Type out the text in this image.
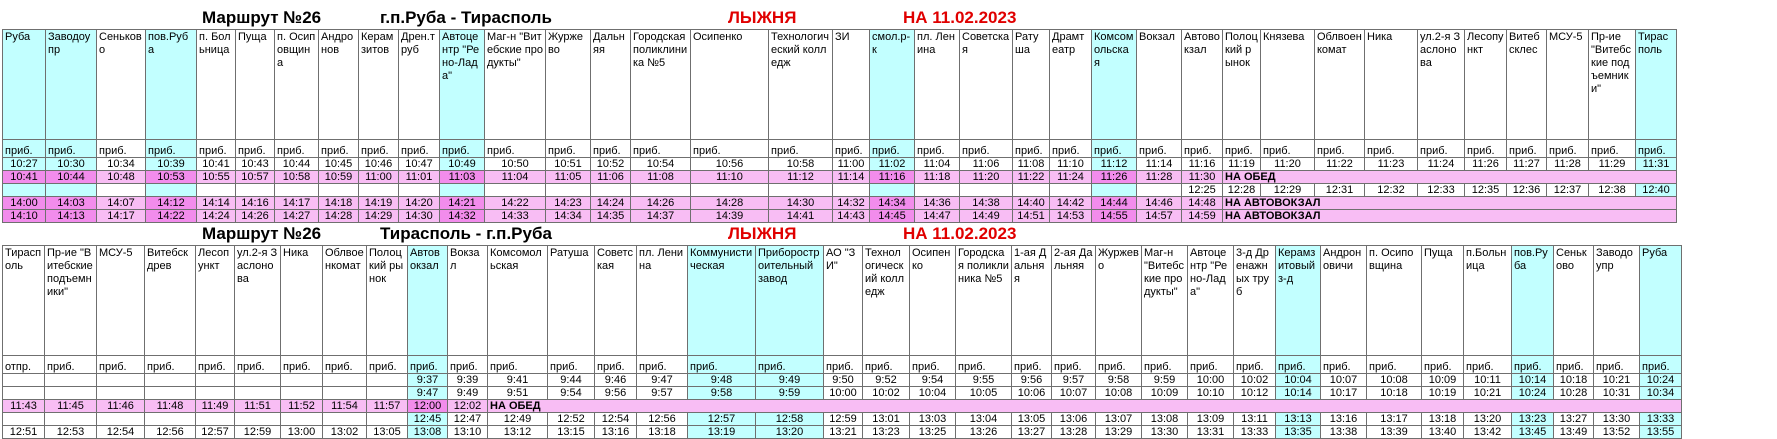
Маршрут №26	г.п.Руба - Тирасполь	ЛЫЖНЯ	НА 11.02.2023
Руба	Заводоупр	Сеньково	пов.Руба	п. Больница	Пуща	п. Осиповщина	Андронов	Керамзитов	Дрен.труб	Автоцентр "Рено-Лада"	Маг-н "Витебские продукты"	Журжево	Дальняя	Городская поликлиника №5	Осипенко	Технологический колледж	ЗИ	смол.р-к	пл. Ленина	Советская	Ратуша	Драмтеатр	Комсомольская	Вокзал	Автовокзал	Полоцкий рынок	Князева	Облвоенкомат	Ника	ул.2-я Заслонова	Лесопункт	Витебсклес	МСУ-5	Пр-ие "Витебские подъемники"	Тирасполь
приб.	приб.	приб.	приб.	приб.	приб.	приб.	приб.	приб.	приб.	приб.	приб.	приб.	приб.	приб.	приб.	приб.	приб.	приб.	приб.	приб.	приб.	приб.	приб.	приб.	приб.	приб.	приб.	приб.	приб.	приб.	приб.	приб.	приб.	приб.	приб.
10:27	10:30	10:34	10:39	10:41	10:43	10:44	10:45	10:46	10:47	10:49	10:50	10:51	10:52	10:54	10:56	10:58	11:00	11:02	11:04	11:06	11:08	11:10	11:12	11:14	11:16	11:19	11:20	11:22	11:23	11:24	11:26	11:27	11:28	11:29	11:31
10:41	10:44	10:48	10:53	10:55	10:57	10:58	10:59	11:00	11:01	11:03	11:04	11:05	11:06	11:08	11:10	11:12	11:14	11:16	11:18	11:20	11:22	11:24	11:26	11:28	11:30	НА ОБЕД									
																									12:25	12:28	12:29	12:31	12:32	12:33	12:35	12:36	12:37	12:38	12:40
14:00	14:03	14:07	14:12	14:14	14:16	14:17	14:18	14:19	14:20	14:21	14:22	14:23	14:24	14:26	14:28	14:30	14:32	14:34	14:36	14:38	14:40	14:42	14:44	14:46	14:48	НА АВТОВОКЗАЛ									
14:10	14:13	14:17	14:22	14:24	14:26	14:27	14:28	14:29	14:30	14:32	14:33	14:34	14:35	14:37	14:39	14:41	14:43	14:45	14:47	14:49	14:51	14:53	14:55	14:57	14:59	НА АВТОВОКЗАЛ									
Маршрут №26	Тирасполь - г.п.Руба	ЛЫЖНЯ	НА 11.02.2023
Тирасполь	Пр-ие "Витебские подъемники"	МСУ-5	Витебскдрев	Лесопункт	ул.2-я Заслонова	Ника	Облвоенкомат	Полоцкий рынок	Автовокзал	Вокзал	Комсомольская	Ратуша	Советская	пл. Ленина	Коммунистическая	Приборостроительный завод	АО "ЗИ"	Технологический колледж	Осипенко	Городская поликлиника №5	1-ая Дальняя	2-ая Дальняя	Журжево	Маг-н "Витебские продукты"	Автоцентр "Рено-Лада"	3-д Дренажных труб	Керамзитовый з-д	Андроновичи	п. Осиповщина	Пуща	п.Больница	пов.Руба	Сеньково	Заводоупр	Руба
отпр.	приб.	приб.	приб.	приб.	приб.	приб.	приб.	приб.	приб.	приб.	приб.	приб.	приб.	приб.	приб.	приб.	приб.	приб.	приб.	приб.	приб.	приб.	приб.	приб.	приб.	приб.	приб.	приб.	приб.	приб.	приб.	приб.	приб.	приб.	приб.
									9:37	9:39	9:41	9:44	9:46	9:47	9:48	9:49	9:50	9:52	9:54	9:55	9:56	9:57	9:58	9:59	10:00	10:02	10:04	10:07	10:08	10:09	10:11	10:14	10:18	10:21	10:24
									9:47	9:49	9:51	9:54	9:56	9:57	9:58	9:59	10:00	10:02	10:04	10:05	10:06	10:07	10:08	10:09	10:10	10:12	10:14	10:17	10:18	10:19	10:21	10:24	10:28	10:31	10:34
11:43	11:45	11:46	11:48	11:49	11:51	11:52	11:54	11:57	12:00	12:02	НА ОБЕД																								
									12:45	12:47	12:49	12:52	12:54	12:56	12:57	12:58	12:59	13:01	13:03	13:04	13:05	13:06	13:07	13:08	13:09	13:11	13:13	13:16	13:17	13:18	13:20	13:23	13:27	13:30	13:33
12:51	12:53	12:54	12:56	12:57	12:59	13:00	13:02	13:05	13:08	13:10	13:12	13:15	13:16	13:18	13:19	13:20	13:21	13:23	13:25	13:26	13:27	13:28	13:29	13:30	13:31	13:33	13:35	13:38	13:39	13:40	13:42	13:45	13:49	13:52	13:55
